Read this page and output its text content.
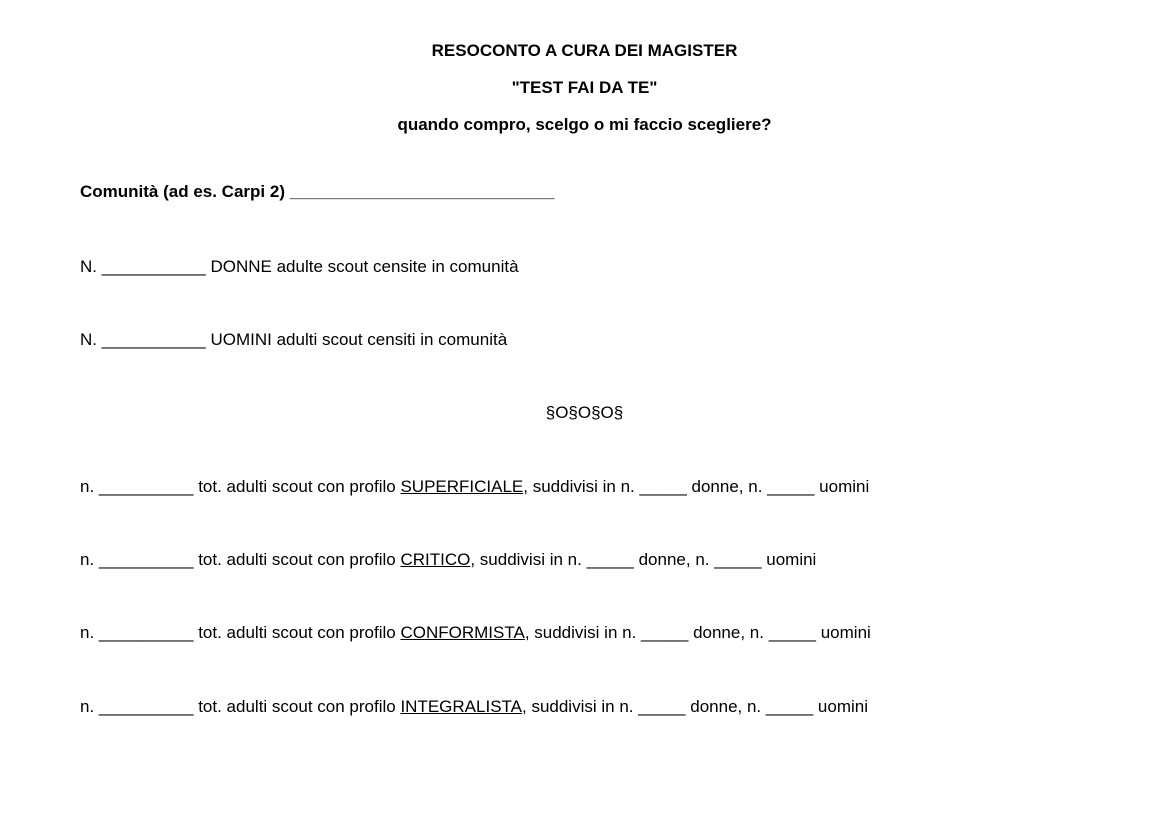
RESOCONTO A CURA DEI MAGISTER
"TEST FAI DA TE"
quando compro, scelgo o mi faccio scegliere?
Comunità (ad es. Carpi 2) ____________________________
N. ___________ DONNE adulte scout censite in comunità
N. ___________ UOMINI adulti scout censiti in comunità
§O§O§O§
n. __________ tot. adulti scout con profilo SUPERFICIALE, suddivisi in n. _____ donne, n. _____ uomini
n. __________ tot. adulti scout con profilo CRITICO, suddivisi in n. _____ donne, n. _____ uomini
n. __________ tot. adulti scout con profilo CONFORMISTA, suddivisi in n. _____ donne, n. _____ uomini
n. __________ tot. adulti scout con profilo INTEGRALISTA, suddivisi in n. _____ donne, n. _____ uomini
